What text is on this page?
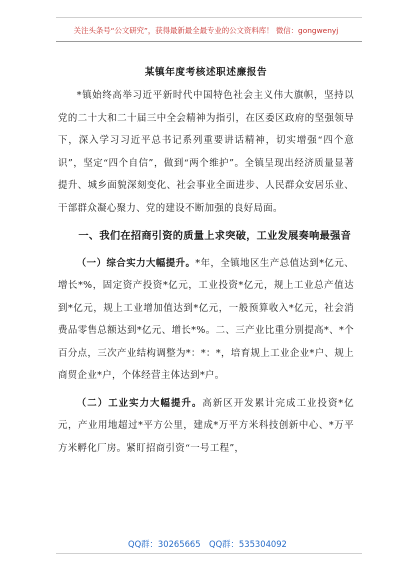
关注头条号“公文研究”，获得最新最全最专业的公文资料库！ 微信：gongwenyj
某镇年度考核述职述廉报告

*镇始终高举习近平新时代中国特色社会主义伟大旗帜，坚持以党的二十大和二十届三中全会精神为指引，在区委区政府的坚强领导下，深入学习习近平总书记系列重要讲话精神，切实增强“四个意识”，坚定“四个自信”，做到“两个维护”。全镇呈现出经济质量显著提升、城乡面貌深刻变化、社会事业全面进步、人民群众安居乐业、干部群众凝心聚力、党的建设不断加强的良好局面。

一、我们在招商引资的质量上求突破，工业发展奏响最强音

（一）综合实力大幅提升。*年，全镇地区生产总值达到*亿元、增长*%，固定资产投资*亿元，工业投资*亿元，规上工业总产值达到*亿元，规上工业增加值达到*亿元，一般预算收入*亿元，社会消费品零售总额达到*亿元、增长*%。二、三产业比重分别提高*、*个百分点，三次产业结构调整为*：*：*，培育规上工业企业*户、规上商贸企业*户，个体经营主体达到*户。

（二）工业实力大幅提升。高新区开发累计完成工业投资*亿元，产业用地超过*平方公里，建成*万平方米科技创新中心、*万平方米孵化厂房。紧盯招商引资“一号工程”，

QQ群：30265665 QQ群：535304092
